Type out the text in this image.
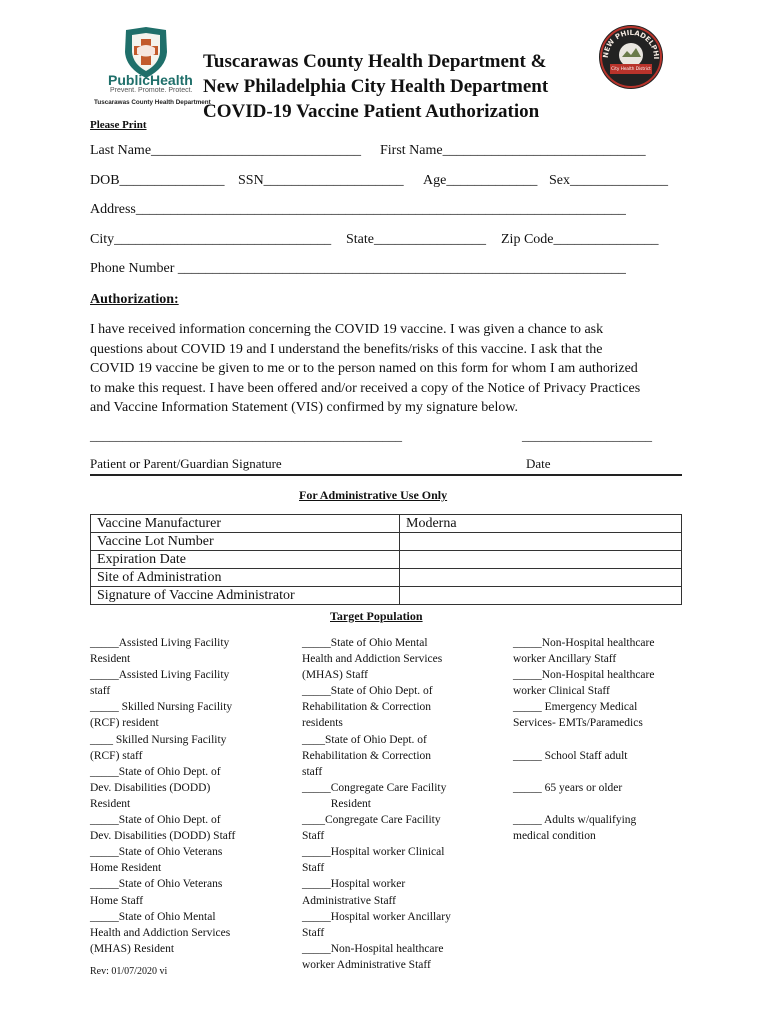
PublicHealth
Prevent. Promote. Protect.
Tuscarawas County Health Department
Tuscarawas County Health Department &
New Philadelphia City Health Department
COVID-19 Vaccine Patient Authorization
NEW PHILADELPHI
City Health District
Please Print
Last Name______________________________ First Name_____________________________
DOB_______________ SSN____________________ Age_____________ Sex______________
Address______________________________________________________________________
City_______________________________ State________________ Zip Code_______________
Phone Number ________________________________________________________________
Authorization:
I have received information concerning the COVID 19 vaccine. I was given a chance to ask
questions about COVID 19 and I understand the benefits/risks of this vaccine. I ask that the
COVID 19 vaccine be given to me or to the person named on this form for whom I am authorized
to make this request. I have been offered and/or received a copy of the Notice of Privacy Practices
and Vaccine Information Statement (VIS) confirmed by my signature below.
________________________________________________	____________________
Patient or Parent/Guardian Signature	Date
For Administrative Use Only
Vaccine Manufacturer	Moderna
Vaccine Lot Number	
Expiration Date	
Site of Administration	
Signature of Vaccine Administrator	
Target Population
_____Assisted Living Facility
Resident
_____Assisted Living Facility
staff
_____ Skilled Nursing Facility
(RCF) resident
____ Skilled Nursing Facility
(RCF) staff
_____State of Ohio Dept. of
Dev. Disabilities (DODD)
Resident
_____State of Ohio Dept. of
Dev. Disabilities (DODD) Staff
_____State of Ohio Veterans
Home Resident
_____State of Ohio Veterans
Home Staff
_____State of Ohio Mental
Health and Addiction Services
(MHAS) Resident
_____State of Ohio Mental
Health and Addiction Services
(MHAS) Staff
_____State of Ohio Dept. of
Rehabilitation & Correction
residents
____State of Ohio Dept. of
Rehabilitation & Correction
staff
_____Congregate Care Facility
Resident
____Congregate Care Facility
Staff
_____Hospital worker Clinical
Staff
_____Hospital worker
Administrative Staff
_____Hospital worker Ancillary
Staff
_____Non-Hospital healthcare
worker Administrative Staff
_____Non-Hospital healthcare
worker Ancillary Staff
_____Non-Hospital healthcare
worker Clinical Staff
_____ Emergency Medical
Services- EMTs/Paramedics

_____ School Staff adult

_____ 65 years or older

_____ Adults w/qualifying
medical condition
Rev: 01/07/2020 vi
